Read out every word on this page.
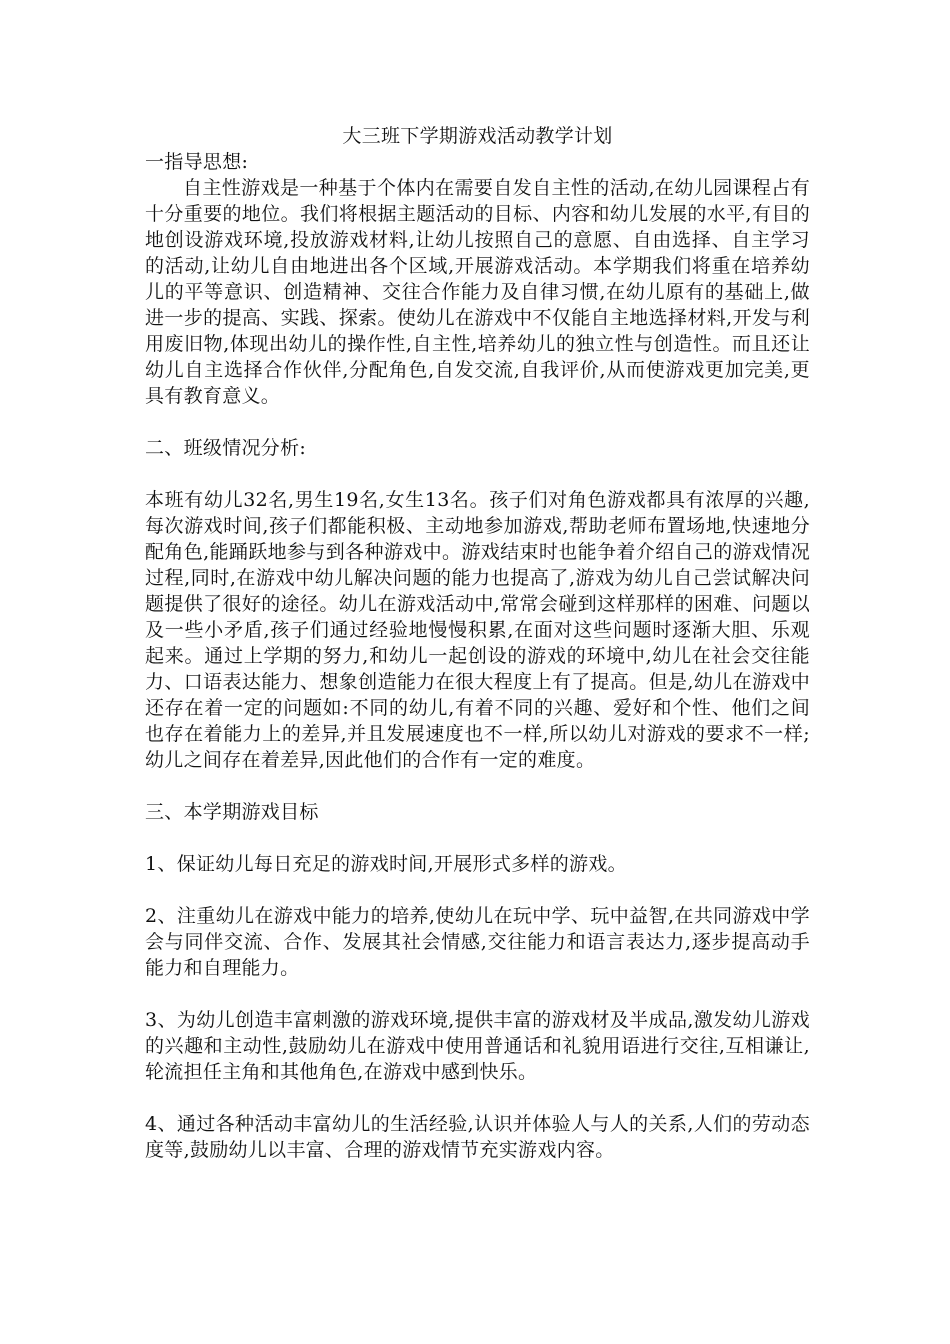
大三班下学期游戏活动教学计划
一指导思想:

自主性游戏是一种基于个体内在需要自发自主性的活动,在幼儿园课程占有十分重要的地位。我们将根据主题活动的目标、内容和幼儿发展的水平,有目的地创设游戏环境,投放游戏材料,让幼儿按照自己的意愿、自由选择、自主学习的活动,让幼儿自由地进出各个区域,开展游戏活动。本学期我们将重在培养幼儿的平等意识、创造精神、交往合作能力及自律习惯,在幼儿原有的基础上,做进一步的提高、实践、探索。使幼儿在游戏中不仅能自主地选择材料,开发与利用废旧物,体现出幼儿的操作性,自主性,培养幼儿的独立性与创造性。而且还让幼儿自主选择合作伙伴,分配角色,自发交流,自我评价,从而使游戏更加完美,更具有教育意义。

二、班级情况分析:

本班有幼儿32名,男生19名,女生13名。孩子们对角色游戏都具有浓厚的兴趣,每次游戏时间,孩子们都能积极、主动地参加游戏,帮助老师布置场地,快速地分配角色,能踊跃地参与到各种游戏中。游戏结束时也能争着介绍自己的游戏情况过程,同时,在游戏中幼儿解决问题的能力也提高了,游戏为幼儿自己尝试解决问题提供了很好的途径。幼儿在游戏活动中,常常会碰到这样那样的困难、问题以及一些小矛盾,孩子们通过经验地慢慢积累,在面对这些问题时逐渐大胆、乐观起来。通过上学期的努力,和幼儿一起创设的游戏的环境中,幼儿在社会交往能力、口语表达能力、想象创造能力在很大程度上有了提高。但是,幼儿在游戏中还存在着一定的问题如:不同的幼儿,有着不同的兴趣、爱好和个性、他们之间也存在着能力上的差异,并且发展速度也不一样,所以幼儿对游戏的要求不一样;幼儿之间存在着差异,因此他们的合作有一定的难度。

三、本学期游戏目标

1、保证幼儿每日充足的游戏时间,开展形式多样的游戏。

2、注重幼儿在游戏中能力的培养,使幼儿在玩中学、玩中益智,在共同游戏中学会与同伴交流、合作、发展其社会情感,交往能力和语言表达力,逐步提高动手能力和自理能力。

3、为幼儿创造丰富刺激的游戏环境,提供丰富的游戏材及半成品,激发幼儿游戏的兴趣和主动性,鼓励幼儿在游戏中使用普通话和礼貌用语进行交往,互相谦让,轮流担任主角和其他角色,在游戏中感到快乐。

4、通过各种活动丰富幼儿的生活经验,认识并体验人与人的关系,人们的劳动态度等,鼓励幼儿以丰富、合理的游戏情节充实游戏内容。
